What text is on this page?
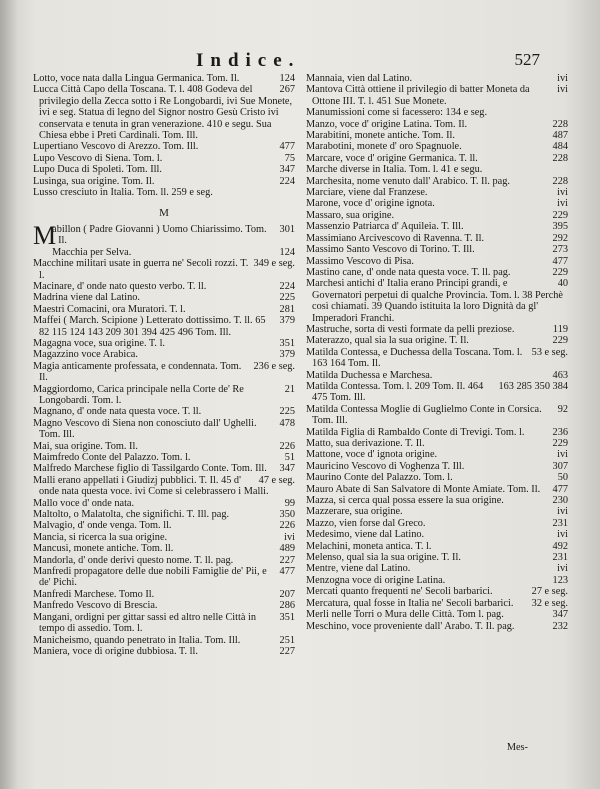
Indice.	527

124
Lotto, voce nata dalla Lingua Germanica. Tom. Il.

267
Lucca Città Capo della Toscana. T. l. 408 Godeva del privilegio della Zecca sotto i Re Longobardi, ivi Sue Monete, ivi e seg. Statua di legno del Signor nostro Gesù Cristo ivi conservata e tenuta in gran venerazione. 410 e segu. Sua Chiesa ebbe i Preti Cardinali. Tom. Ill.

477
Lupertiano Vescovo di Arezzo. Tom. Ill.

75
Lupo Vescovo di Siena. Tom. l.

347
Lupo Duca di Spoleti. Tom. Ill.

224
Lusinga, sua origine. Tom. Il.

Lusso cresciuto in Italia. Tom. ll. 259 e seg.

M

M	301
abillon ( Padre Giovanni ) Uomo Chiarissimo. Tom. Il.

124
Macchia per Selva.

349 e seg.
Macchine militari usate in guerra ne' Secoli rozzi. T. l.

224
Macinare, d' onde nato questo verbo. T. ll.

225
Madrina viene dal Latino.

281
Maestri Comacini, ora Muratori. T. l.

379
Maffei ( March. Scipione ) Letterato dottissimo. T. ll. 65 82 115 124 143 209 301 394 425 496 Tom. Ill.

351
Magagna voce, sua origine. T. l.

379
Magazzino voce Arabica.

236 e seg.
Magia anticamente professata, e condennata. Tom. Il.

21
Maggiordomo, Carica principale nella Corte de' Re Longobardi. Tom. l.

225
Magnano, d' onde nata questa voce. T. ll.

478
Magno Vescovo di Siena non conosciuto dall' Ughelli. Tom. Ill.

226
Mai, sua origine. Tom. Il.

51
Maimfredo Conte del Palazzo. Tom. l.

347
Malfredo Marchese figlio di Tassilgardo Conte. Tom. Ill.

47 e seg.
Malli erano appellati i Giudizj pubblici. T. Il. 45 d' onde nata questa voce. ivi Come si celebrassero i Malli.

99
Mallo voce d' onde nata.

350
Maltolto, o Malatolta, che significhi. T. Ill. pag.

226
Malvagio, d' onde venga. Tom. ll.

ivi
Mancia, si ricerca la sua origine.

489
Mancusi, monete antiche. Tom. ll.

227
Mandorla, d' onde derivi questo nome. T. ll. pag.

477
Manfredi propagatore delle due nobili Famiglie de' Pii, e de' Pichi.

207
Manfredi Marchese. Tomo Il.

286
Manfredo Vescovo di Brescia.

351
Mangani, ordigni per gittar sassi ed altro nelle Città in tempo di assedio. Tom. l.

251
Manicheismo, quando penetrato in Italia. Tom. Ill.

227
Maniera, voce di origine dubbiosa. T. ll.

ivi
Mannaia, vien dal Latino.

ivi
Mantova Città ottiene il privilegio di batter Moneta da Ottone III. T. l. 451 Sue Monete.

Manumissioni come si facessero: 134 e seg.

228
Manzo, voce d' origine Latina. Tom. Il.

487
Marabitini, monete antiche. Tom. Il.

484
Marabotini, monete d' oro Spagnuole.

228
Marcare, voce d' origine Germanica. T. ll.

Marche diverse in Italia. Tom. l. 41 e segu.

228
Marchesita, nome venuto dall' Arabico. T. Il. pag.

ivi
Marciare, viene dal Franzese.

ivi
Marone, voce d' origine ignota.

229
Massaro, sua origine.

395
Massenzio Patriarca d' Aquileia. T. Ill.

292
Massimiano Arcivescovo di Ravenna. T. Il.

273
Massimo Santo Vescovo di Torino. T. Ill.

477
Massimo Vescovo di Pisa.

229
Mastino cane, d' onde nata questa voce. T. ll. pag.

40
Marchesi antichi d' Italia erano Principi grandi, e Governatori perpetui di qualche Provincia. Tom. l. 38 Perchè così chiamati. 39 Quando istituita la loro Dignità da gl' Imperadori Franchi.

119
Mastruche, sorta di vesti formate da pelli preziose.

229
Materazzo, qual sia la sua origine. T. Il.

53 e seg.
Matilda Contessa, e Duchessa della Toscana. Tom. l. 163 164 Tom. Il.

463
Matilda Duchessa e Marchesa.

163 285 350 384
Matilda Contessa. Tom. l. 209 Tom. Il. 464 475 Tom. Ill.

92
Matilda Contessa Moglie di Guglielmo Conte in Corsica. Tom. Ill.

236
Matilda Figlia di Rambaldo Conte di Trevigi. Tom. l.

229
Matto, sua derivazione. T. Il.

ivi
Mattone, voce d' ignota origine.

307
Mauricino Vescovo di Voghenza T. Ill.

50
Maurino Conte del Palazzo. Tom. l.

477
Mauro Abate di San Salvatore di Monte Amiate. Tom. Il.

230
Mazza, si cerca qual possa essere la sua origine.

ivi
Mazzerare, sua origine.

231
Mazzo, vien forse dal Greco.

ivi
Medesimo, viene dal Latino.

492
Melachini, moneta antica. T. l.

231
Melenso, qual sia la sua origine. T. Il.

ivi
Mentre, viene dal Latino.

123
Menzogna voce di origine Latina.

27 e seg.
Mercati quanto frequenti ne' Secoli barbarici.

32 e seg.
Mercatura, qual fosse in Italia ne' Secoli barbarici.

347
Merli nelle Torri o Mura delle Città. Tom l. pag.

232
Meschino, voce proveniente dall' Arabo. T. Il. pag.

Mes-
